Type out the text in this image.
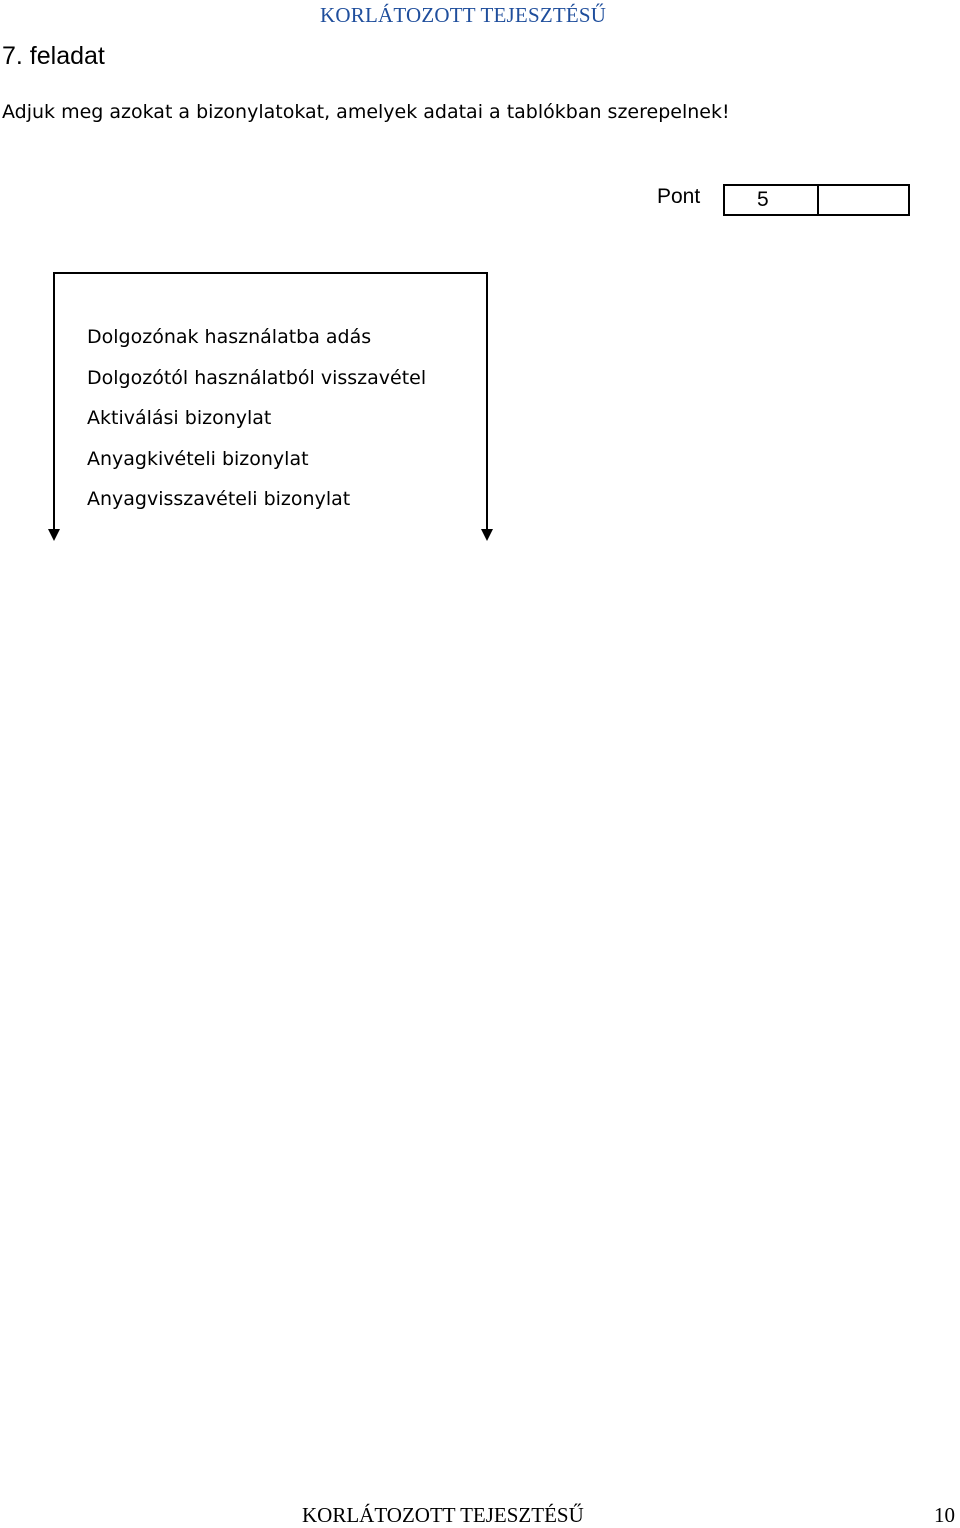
KORLÁTOZOTT TEJESZTÉSŰ
7. feladat
Adjuk meg azokat a bizonylatokat, amelyek adatai a tablókban szerepelnek!
Pont	5
Dolgozónak használatba adás
Dolgozótól használatból visszavétel
Aktiválási bizonylat
Anyagkivételi bizonylat
Anyagvisszavételi bizonylat
KORLÁTOZOTT TEJESZTÉSŰ	10
